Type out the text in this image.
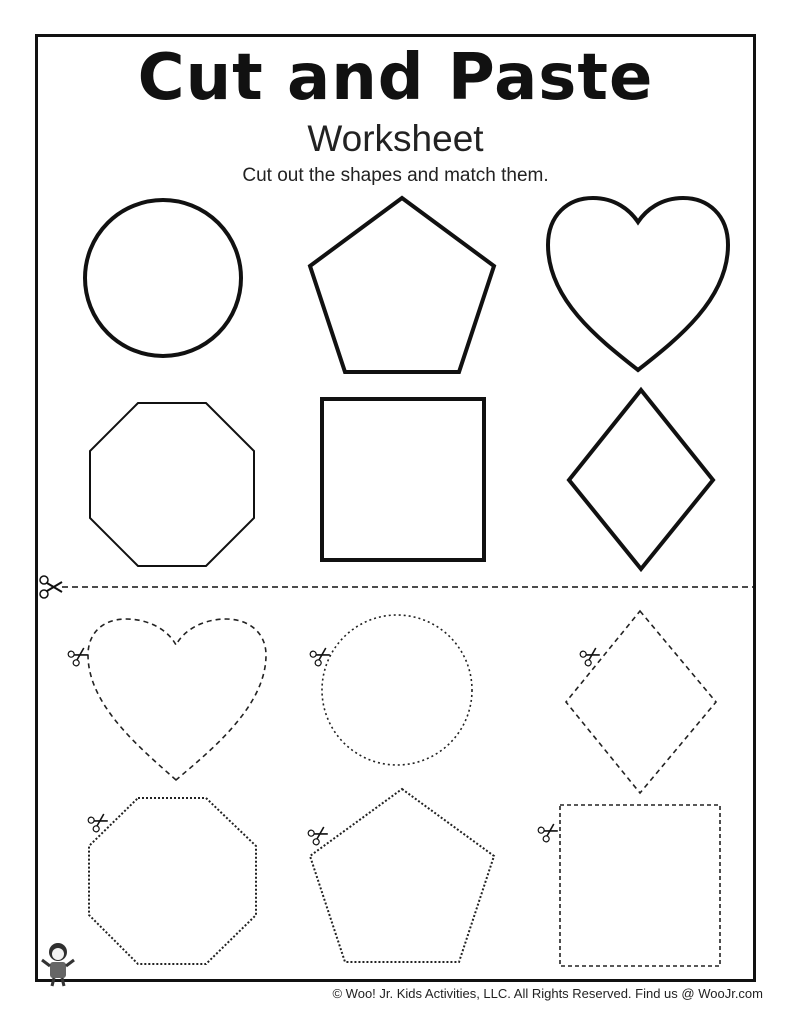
Cut and Paste
Worksheet
Cut out the shapes and match them.
© Woo! Jr. Kids Activities, LLC. All Rights Reserved. Find us @ WooJr.com
